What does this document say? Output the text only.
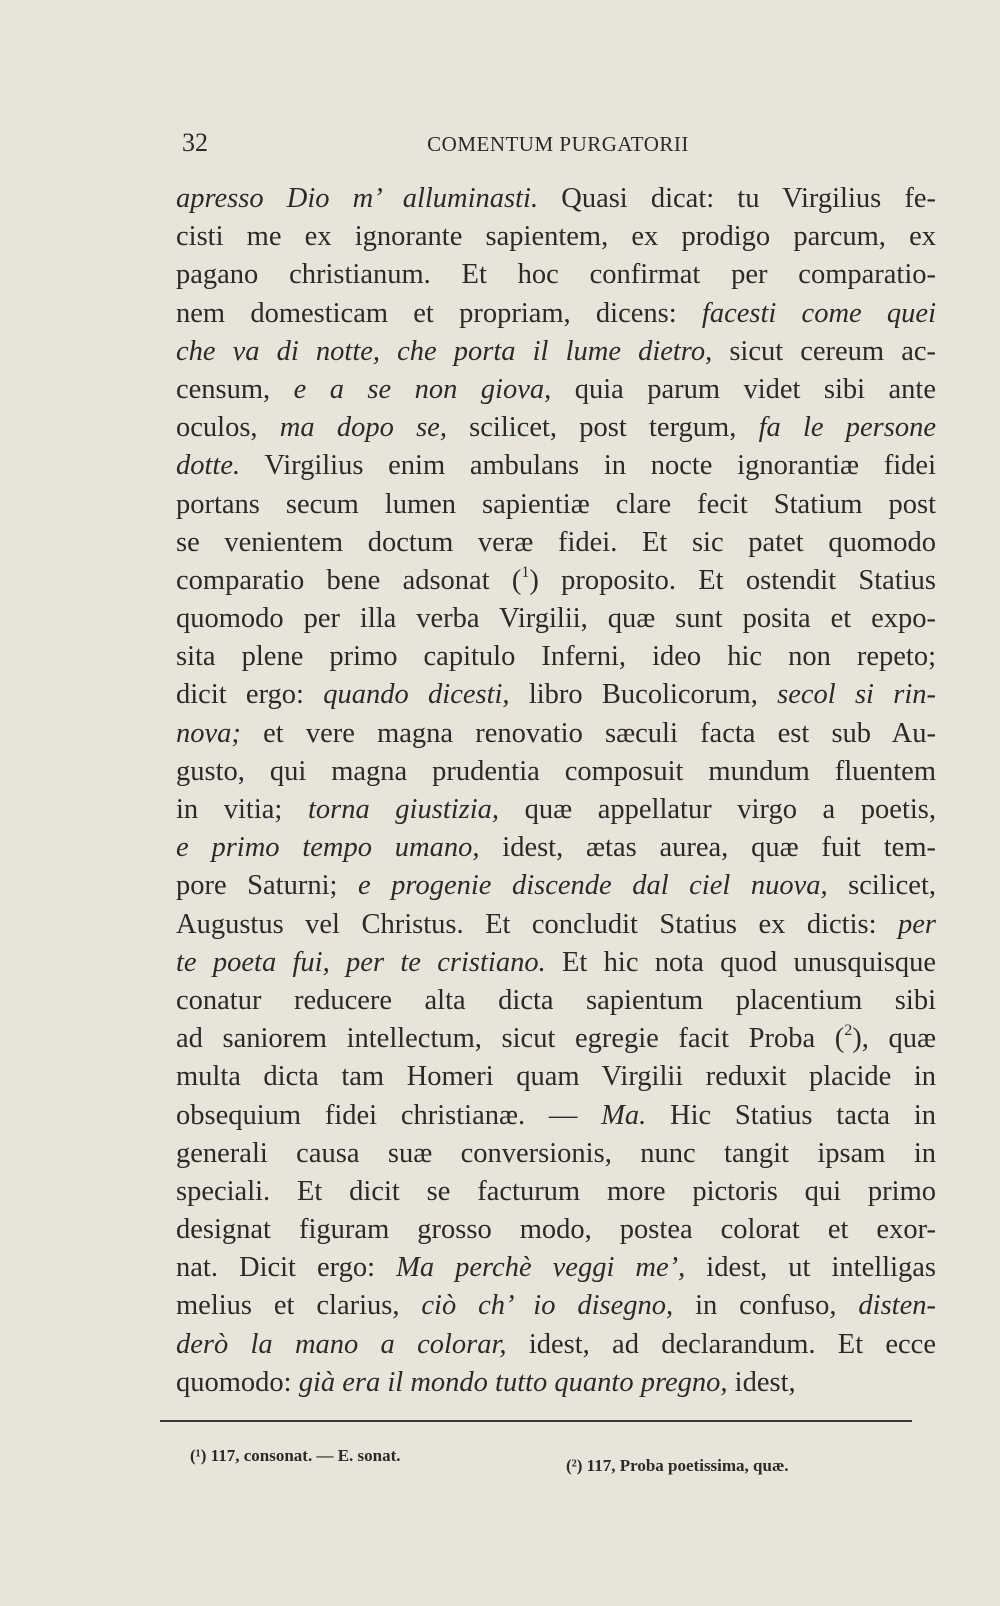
32	COMENTUM PURGATORII
apresso Dio m’ alluminasti. Quasi dicat: tu Virgilius fe-
cisti me ex ignorante sapientem, ex prodigo parcum, ex
pagano christianum. Et hoc confirmat per comparatio-
nem domesticam et propriam, dicens: facesti come quei
che va di notte, che porta il lume dietro, sicut cereum ac-
censum, e a se non giova, quia parum videt sibi ante
oculos, ma dopo se, scilicet, post tergum, fa le persone
dotte. Virgilius enim ambulans in nocte ignorantiæ fidei
portans secum lumen sapientiæ clare fecit Statium post
se venientem doctum veræ fidei. Et sic patet quomodo
comparatio bene adsonat ($^1$) proposito. Et ostendit Statius
quomodo per illa verba Virgilii, quæ sunt posita et expo-
sita plene primo capitulo Inferni, ideo hic non repeto;
dicit ergo: quando dicesti, libro Bucolicorum, secol si rin-
nova; et vere magna renovatio sæculi facta est sub Au-
gusto, qui magna prudentia composuit mundum fluentem
in vitia; torna giustizia, quæ appellatur virgo a poetis,
e primo tempo umano, idest, ætas aurea, quæ fuit tem-
pore Saturni; e progenie discende dal ciel nuova, scilicet,
Augustus vel Christus. Et concludit Statius ex dictis: per
te poeta fui, per te cristiano. Et hic nota quod unusquisque
conatur reducere alta dicta sapientum placentium sibi
ad saniorem intellectum, sicut egregie facit Proba ($^2$), quæ
multa dicta tam Homeri quam Virgilii reduxit placide in
obsequium fidei christianæ. — Ma. Hic Statius tacta in
generali causa suæ conversionis, nunc tangit ipsam in
speciali. Et dicit se facturum more pictoris qui primo
designat figuram grosso modo, postea colorat et exor-
nat. Dicit ergo: Ma perchè veggi me’, idest, ut intelligas
melius et clarius, ciò ch’ io disegno, in confuso, disten-
derò la mano a colorar, idest, ad declarandum. Et ecce
quomodo: già era il mondo tutto quanto pregno, idest,
(¹) 117, consonat. — E. sonat.
(²) 117, Proba poetissima, quæ.
